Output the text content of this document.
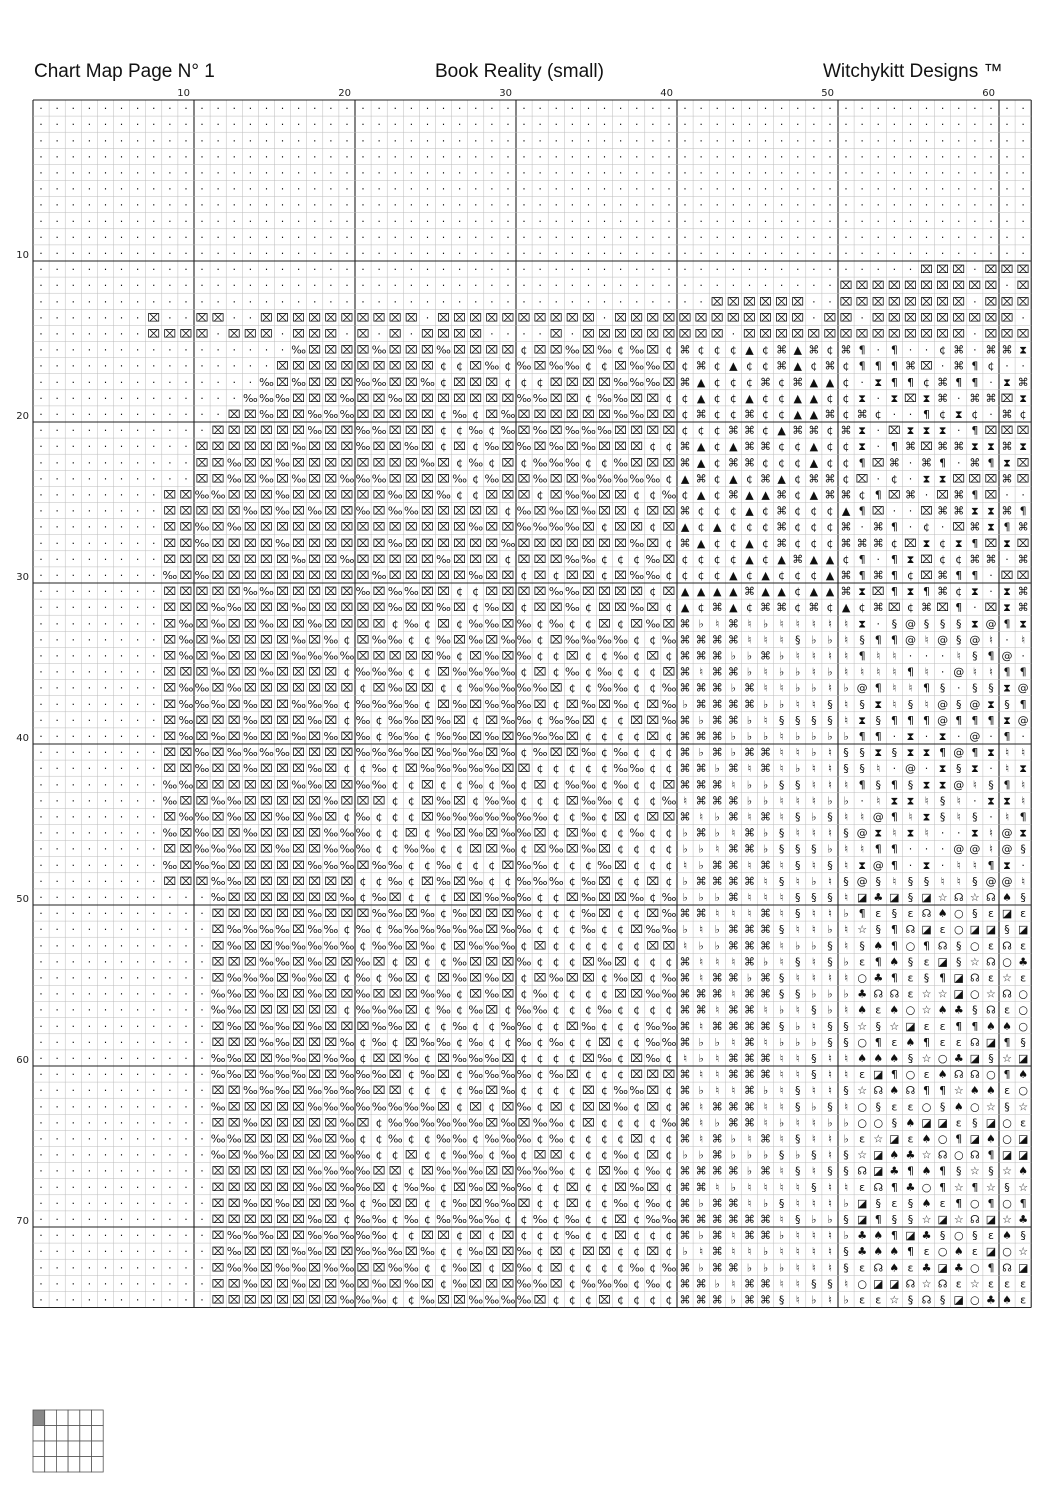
Chart Map Page N° 1	Book Reality (small)	Witchykitt Designs ™
10	20	30	40	50	60
10
20
30
40
50
60
70
· · · · · · · · · · · · · · · · · · · · · · · · · · · · · · · · · · · · · · · · · · · · · · · · · · · · · · · · · · · · · ·
· · · · · · · · · · · · · · · · · · · · · · · · · · · · · · · · · · · · · · · · · · · · · · · · · · · · · · · · · · · · · ·
· · · · · · · · · · · · · · · · · · · · · · · · · · · · · · · · · · · · · · · · · · · · · · · · · · · · · · · · · · · · · ·
· · · · · · · · · · · · · · · · · · · · · · · · · · · · · · · · · · · · · · · · · · · · · · · · · · · · · · · · · · · · · ·
· · · · · · · · · · · · · · · · · · · · · · · · · · · · · · · · · · · · · · · · · · · · · · · · · · · · · · · · · · · · · ·
· · · · · · · · · · · · · · · · · · · · · · · · · · · · · · · · · · · · · · · · · · · · · · · · · · · · · · · · · · · · · ·
· · · · · · · · · · · · · · · · · · · · · · · · · · · · · · · · · · · · · · · · · · · · · · · · · · · · · · · · · · · · · ·
· · · · · · · · · · · · · · · · · · · · · · · · · · · · · · · · · · · · · · · · · · · · · · · · · · · · · · · · · · · · · ·
· · · · · · · · · · · · · · · · · · · · · · · · · · · · · · · · · · · · · · · · · · · · · · · · · · · · · · · · · · · · · ·
· · · · · · · · · · · · · · · · · · · · · · · · · · · · · · · · · · · · · · · · · · · · · · · · · · · · · · · · · · · · · ·
· · · · · · · · · · · · · · · · · · · · · · · · · · · · · · · · · · · · · · · · · · · · · · · · · · · · · · · ⌧ ⌧ ⌧ · ⌧ ⌧ ⌧
· · · · · · · · · · · · · · · · · · · · · · · · · · · · · · · · · · · · · · · · · · · · · · · · · · ⌧ ⌧ ⌧ ⌧ ⌧ ⌧ ⌧ ⌧ ⌧ ⌧ · ⌧
· · · · · · · · · · · · · · · · · · · · · · · · · · · · · · · · · · · · · · · · · · ⌧ ⌧ ⌧ ⌧ ⌧ ⌧ · · ⌧ ⌧ ⌧ ⌧ ⌧ ⌧ ⌧ ⌧ · ⌧ ⌧ ⌧
· · · · · · · ⌧ · · ⌧ ⌧ · · ⌧ ⌧ ⌧ ⌧ ⌧ ⌧ ⌧ ⌧ ⌧ ⌧ · ⌧ ⌧ ⌧ ⌧ ⌧ ⌧ ⌧ ⌧ ⌧ ⌧ · ⌧ ⌧ ⌧ ⌧ ⌧ ⌧ ⌧ ⌧ ⌧ ⌧ ⌧ ⌧ · ⌧ ⌧ · ⌧ ⌧ ⌧ ⌧ ⌧ ⌧ ⌧ ⌧ ⌧ ·
· · · · · · · ⌧ ⌧ ⌧ ⌧ · ⌧ ⌧ ⌧ · ⌧ ⌧ ⌧ · ⌧ · ⌧ · ⌧ ⌧ ⌧ ⌧ · · · · ⌧ · ⌧ ⌧ ⌧ ⌧ ⌧ ⌧ ⌧ ⌧ ⌧ · ⌧ ⌧ ⌧ ⌧ ⌧ ⌧ ⌧ ⌧ ⌧ ⌧ ⌧ ⌧ ⌧ ⌧ · ⌧ ⌧ ⌧
· · · · · · · · · · · · · · · · ‰ ⌧ ⌧ ⌧ ⌧ ‰ ⌧ ⌧ ⌧ ‰ ⌧ ⌧ ⌧ ⌧ ¢ ⌧ ⌧ ‰ ⌧ ‰ ¢ ‰ ⌧ ¢ ⌘ ¢ ¢ ¢ ▲ ¢ ⌘ ▲ ⌘ ¢ ⌘ ¶ · ¶ · · ¢ ⌘ · ⌘ ⌘ ⧗
· · · · · · · · · · · · · · · ⌧ ⌧ ⌧ ⌧ ⌧ ⌧ ⌧ ⌧ ⌧ ⌧ ¢ ¢ ⌧ ‰ ¢ ‰ ⌧ ‰ ‰ ¢ ¢ ⌧ ‰ ‰ ⌧ ¢ ⌘ ¢ ▲ ¢ ¢ ⌘ ▲ ¢ ⌘ ¢ ¶ ¶ ¶ ⌘ ⌧ · ⌘ ¶ ¢ · ·
· · · · · · · · · · · · · · ‰ ⌧ ‰ ⌧ ⌧ ⌧ ‰ ‰ ⌧ ⌧ ‰ ¢ ⌧ ⌧ ⌧ ¢ ¢ ¢ ⌧ ⌧ ⌧ ⌧ ‰ ‰ ‰ ⌧ ⌘ ▲ ¢ ¢ ¢ ⌘ ¢ ⌘ ▲ ▲ ¢ · ⧗ ¶ ¶ ¢ ⌘ ¶ ¶ · ⧗ ⌘
· · · · · · · · · · · · · ‰ ‰ ‰ ⌧ ⌧ ⌧ ‰ ⌧ ⌧ ‰ ⌧ ⌧ ⌧ ⌧ ⌧ ⌧ ⌧ ‰ ‰ ⌧ ⌧ ¢ ‰ ‰ ⌧ ⌧ ¢ ¢ ▲ ¢ ¢ ▲ ¢ ¢ ▲ ▲ ¢ ¢ ⧗ · ⧗ ⌧ ⧗ ⌘ · ⌘ ⌘ ⌧ ⧗
· · · · · · · · · · · · ⌧ ⌧ ‰ ⌧ ⌧ ‰ ‰ ‰ ⌧ ⌧ ⌧ ⌧ ⌧ ¢ ‰ ¢ ⌧ ‰ ⌧ ⌧ ⌧ ⌧ ⌧ ⌧ ‰ ‰ ⌧ ⌧ ¢ ⌘ ¢ ¢ ⌘ ¢ ¢ ▲ ▲ ⌘ ¢ ⌘ ¢ · · ¶ ¢ ⧗ ¢ · ⌘ ¢
· · · · · · · · · · · ⌧ ⌧ ⌧ ⌧ ⌧ ⌧ ‰ ⌧ ⌧ ‰ ‰ ⌧ ⌧ ⌧ ¢ ¢ ‰ ¢ ‰ ⌧ ‰ ⌧ ‰ ‰ ‰ ⌧ ⌧ ⌧ ⌧ ¢ ¢ ¢ ⌘ ⌘ ¢ ▲ ⌘ ⌘ ¢ ⌘ ⧗ · ⌧ ⧗ ⧗ ⧗ · ¶ ⌧ ⌧ ⌧
· · · · · · · · · · ⌧ ⌧ ⌧ ⌧ ⌧ ⌧ ‰ ⌧ ⌧ ⌧ ‰ ⌧ ⌧ ‰ ⌧ ¢ ⌧ ¢ ‰ ⌧ ‰ ⌧ ‰ ⌧ ‰ ⌧ ⌧ ⌧ ¢ ¢ ⌘ ▲ ¢ ▲ ⌘ ⌘ ¢ ¢ ▲ ¢ ¢ ⧗ · ¶ ⌘ ⌧ ⌘ ⌘ ⧗ ⧗ ⌘ ⧗
· · · · · · · · · · ⌧ ⌧ ‰ ⌧ ⌧ ‰ ⌧ ⌧ ⌧ ⌧ ⌧ ⌧ ⌧ ⌧ ‰ ⌧ ¢ ‰ ¢ ⌧ ¢ ‰ ‰ ‰ ¢ ¢ ‰ ⌧ ⌧ ⌧ ⌘ ▲ ¢ ⌘ ⌘ ¢ ¢ ¢ ▲ ¢ ¢ ¶ ⌧ ⌘ · ⌘ ¶ · ⌘ ¶ ⧗ ⌧
· · · · · · · · · · ⌧ ⌧ ‰ ⌧ ‰ ⌧ ‰ ⌧ ⌧ ‰ ‰ ‰ ⌧ ⌧ ⌧ ⌧ ‰ ¢ ‰ ⌧ ⌧ ‰ ⌧ ⌧ ‰ ‰ ‰ ‰ ‰ ¢ ▲ ⌘ ¢ ▲ ¢ ⌘ ▲ ¢ ⌘ ⌘ ¢ ⌧ · ¢ · ⧗ ⧗ ⌧ ⌧ ⌧ ⌘ ⌧
· · · · · · · · ⌧ ⌧ ‰ ‰ ⌧ ⌧ ⌧ ‰ ⌧ ⌧ ⌧ ⌧ ⌧ ⌧ ‰ ⌧ ⌧ ‰ ¢ ¢ ⌧ ⌧ ⌧ ¢ ⌧ ‰ ‰ ⌧ ⌧ ¢ ¢ ‰ ¢ ▲ ¢ ⌘ ▲ ▲ ⌘ ¢ ▲ ⌘ ⌘ ¢ ¶ ⌧ ⌘ · ⌧ ⌘ ¶ ⌧ · ·
· · · · · · · · ⌧ ⌧ ⌧ ⌧ ⌧ ‰ ⌧ ‰ ⌧ ‰ ⌧ ⌧ ‰ ⌧ ‰ ‰ ⌧ ⌧ ⌧ ⌧ ⌧ ¢ ‰ ⌧ ‰ ⌧ ‰ ⌧ ⌧ ¢ ⌧ ⌧ ⌘ ¢ ¢ ¢ ▲ ¢ ⌘ ¢ ¢ ¢ ▲ ¶ ⌧ · · ⌧ ⌘ ⌘ ⧗ ⧗ ⌘ ¶
· · · · · · · · ⌧ ⌧ ‰ ⌧ ‰ ⌧ ⌧ ⌧ ⌧ ⌧ ⌧ ⌧ ⌧ ⌧ ⌧ ⌧ ⌧ ⌧ ⌧ ‰ ⌧ ⌧ ‰ ‰ ‰ ‰ ⌧ ¢ ⌧ ⌧ ¢ ⌧ ▲ ¢ ▲ ¢ ¢ ¢ ⌘ ¢ ¢ ¢ ⌘ · ⌘ ¶ · ¢ · ⌧ ⌘ ⧗ ¶ ⌘
· · · · · · · · ⌧ ⌧ ‰ ⌧ ⌧ ⌧ ⌧ ‰ ⌧ ⌧ ⌧ ⌧ ⌧ ⌧ ‰ ⌧ ⌧ ⌧ ⌧ ⌧ ⌧ ‰ ⌧ ⌧ ⌧ ⌧ ⌧ ⌧ ⌧ ‰ ⌧ ¢ ⌘ ▲ ¢ ¢ ▲ ¢ ⌘ ¢ ¢ ¢ ⌘ ⌘ ⌘ ¢ ⌧ ⧗ ¢ ⧗ ¶ ⌧ ⧗ ⌧
· · · · · · · · ⌧ ⌧ ⌧ ⌧ ⌧ ⌧ ⌧ ⌧ ‰ ⌧ ⌧ ‰ ⌧ ⌧ ⌧ ⌧ ⌧ ‰ ⌧ ⌧ ⌧ ¢ ⌧ ⌧ ⌧ ‰ ‰ ¢ ¢ ¢ ‰ ⌧ ¢ ¢ ¢ ¢ ▲ ¢ ▲ ⌘ ▲ ▲ ¢ ¶ · ¶ ⧗ ⌧ ¢ ¢ ⌘ ⌘ · ⌘
· · · · · · · · ‰ ⌧ ‰ ⌧ ⌧ ⌧ ⌧ ⌧ ⌧ ⌧ ⌧ ⌧ ⌧ ‰ ⌧ ⌧ ⌧ ⌧ ⌧ ‰ ⌧ ⌧ ¢ ⌧ ¢ ⌧ ⌧ ¢ ⌧ ‰ ‰ ¢ ¢ ¢ ¢ ▲ ¢ ▲ ¢ ¢ ¢ ▲ ⌘ ¶ ⌘ ¶ ¢ ⌧ ⌘ ¶ ¶ · ⌧ ⌧
· · · · · · · · ⌧ ⌧ ⌧ ⌧ ⌧ ‰ ‰ ⌧ ⌧ ⌧ ⌧ ⌧ ‰ ⌧ ‰ ‰ ⌧ ⌧ ¢ ¢ ⌧ ⌧ ⌧ ⌧ ‰ ‰ ⌧ ⌧ ⌧ ⌧ ¢ ⌧ ▲ ▲ ▲ ▲ ⌘ ▲ ▲ ¢ ▲ ▲ ⌘ ⧗ ⌧ ¶ ⧗ ¶ ⌘ ¢ ⧗ · ⧗ ⌘
· · · · · · · · ⌧ ⌧ ⌧ ‰ ‰ ⌧ ⌧ ⌧ ‰ ⌧ ⌧ ⌧ ⌧ ⌧ ‰ ⌧ ⌧ ‰ ⌧ ¢ ‰ ⌧ ¢ ⌧ ⌧ ‰ ¢ ⌧ ⌧ ‰ ⌧ ¢ ▲ ¢ ⌘ ▲ ¢ ⌘ ⌘ ¢ ⌘ ¢ ▲ ¢ ⌘ ⌧ ¢ ⌘ ⌧ ¶ · ⌧ ⧗ ⌘
· · · · · · · · ⌧ ‰ ⌧ ‰ ⌧ ⌧ ‰ ⌧ ⌧ ‰ ⌧ ⌧ ⌧ ⌧ ¢ ‰ ¢ ⌧ ¢ ‰ ‰ ⌧ ‰ ¢ ‰ ¢ ¢ ⌧ ¢ ⌧ ‰ ⌧ ⌘ ♭ ♮ ⌘ ♮ ♭ ♮ ♮ ♮ ♮ ♮ ⧗ · § @ § § § ⧗ @ ¶ ⧗
· · · · · · · · ⌧ ‰ ⌧ ‰ ⌧ ⌧ ⌧ ⌧ ‰ ⌧ ‰ ¢ ⌧ ‰ ‰ ¢ ¢ ‰ ⌧ ‰ ⌧ ‰ ‰ ¢ ⌧ ‰ ‰ ‰ ‰ ¢ ¢ ‰ ⌘ ⌘ ⌘ ⌘ ♮ ♮ ♮ § ♭ ♭ ♮ § ¶ ¶ @ ♮ @ § @ ♮ · ♮
· · · · · · · · ⌧ ‰ ⌧ ‰ ⌧ ⌧ ⌧ ⌧ ‰ ‰ ‰ ‰ ⌧ ⌧ ⌧ ⌧ ⌧ ‰ ¢ ⌧ ‰ ⌧ ‰ ¢ ¢ ⌧ ¢ ¢ ‰ ¢ ⌧ ¢ ⌘ ⌘ ⌘ ♭ ♭ ⌘ ♭ ♮ ♮ ♮ ♮ ¶ ♮ ♮ · · · ♮ § ¶ @ ·
· · · · · · · · ⌧ ⌧ ⌧ ‰ ⌧ ⌧ ‰ ⌧ ⌧ ⌧ ⌧ ¢ ‰ ‰ ‰ ¢ ¢ ⌧ ‰ ‰ ‰ ‰ ¢ ⌧ ¢ ‰ ¢ ‰ ¢ ¢ ¢ ⌧ ⌘ ♮ ⌘ ⌘ ♭ ♮ ♭ ♭ ♮ ♭ ♮ ♮ ♮ ♮ ¶ ♮ · @ ♮ ♮ ¶ ¶
· · · · · · · · ⌧ ‰ ‰ ⌧ ‰ ⌧ ⌧ ⌧ ⌧ ⌧ ⌧ ⌧ ¢ ⌧ ‰ ⌧ ⌧ ¢ ¢ ‰ ‰ ‰ ‰ ‰ ⌧ ¢ ¢ ‰ ‰ ¢ ¢ ‰ ⌘ ⌘ ⌘ ♭ ⌘ ♮ ♮ ♭ ♭ ♮ ♭ @ ¶ ♮ ♮ ¶ § · § § ⧗ @
· · · · · · · · ⌧ ‰ ‰ ‰ ⌧ ‰ ⌧ ⌧ ‰ ‰ ‰ ¢ ‰ ‰ ‰ ‰ ¢ ⌧ ‰ ⌧ ‰ ‰ ‰ ⌧ ¢ ⌧ ‰ ⌧ ‰ ¢ ⌧ ‰ ♭ ⌘ ⌘ ⌘ ⌘ ♭ ♭ ♮ ♮ § ♮ § ⧗ ♮ § ♮ @ § @ ⧗ § ¶
· · · · · · · · ⌧ ‰ ⌧ ⌧ ⌧ ‰ ⌧ ⌧ ⌧ ‰ ⌧ ¢ ‰ ¢ ‰ ‰ ⌧ ‰ ⌧ ¢ ⌧ ‰ ‰ ¢ ‰ ‰ ⌧ ¢ ¢ ⌧ ⌧ ‰ ⌘ ♭ ⌘ ⌘ ♭ ♮ § § § § ♮ ⧗ § ¶ ¶ ¶ @ ¶ ¶ ¶ ⧗ @
· · · · · · · · ⌧ ‰ ⌧ ‰ ⌧ ‰ ⌧ ⌧ ‰ ⌧ ‰ ⌧ ‰ ¢ ‰ ‰ ¢ ‰ ‰ ⌧ ‰ ⌧ ‰ ‰ ‰ ⌧ ¢ ¢ ¢ ¢ ⌧ ¢ ⌘ ⌘ ⌘ ♭ ♭ ♭ ♮ ♭ ♭ ♭ ♭ ¶ ¶ · ⧗ · ⧗ · @ · ¶ ·
· · · · · · · · ⌧ ⌧ ‰ ⌧ ‰ ‰ ‰ ‰ ⌧ ⌧ ⌧ ⌧ ‰ ‰ ‰ ‰ ⌧ ‰ ‰ ‰ ⌧ ‰ ¢ ‰ ⌧ ⌧ ‰ ¢ ‰ ¢ ¢ ¢ ⌘ ♭ ⌘ ♭ ⌘ ⌘ ♮ ♮ ♭ ♮ § § ⧗ § ⧗ ⧗ ¶ @ ¶ ⧗ ♮ ♮
· · · · · · · · ⌧ ⌧ ‰ ⌧ ⌧ ‰ ⌧ ⌧ ⌧ ‰ ⌧ ¢ ¢ ‰ ¢ ⌧ ‰ ‰ ‰ ‰ ‰ ⌧ ⌧ ¢ ¢ ¢ ¢ ¢ ‰ ‰ ¢ ¢ ⌘ ⌘ ♭ ⌘ ♮ ⌘ ♮ ♭ ♮ ♮ § § ♮ · @ · ⧗ § ⧗ · ♮ ⧗
· · · · · · · · ‰ ‰ ⌧ ⌧ ⌧ ⌧ ⌧ ⌧ ‰ ‰ ⌧ ⌧ ‰ ‰ ¢ ¢ ⌧ ¢ ¢ ‰ ¢ ‰ ¢ ⌧ ¢ ‰ ‰ ¢ ‰ ¢ ¢ ⌧ ⌘ ⌘ ⌘ ♮ ♭ ♭ § § ♮ ♮ ♮ ¶ § ¶ § ⧗ ⧗ @ ♮ § ¶ ♮
· · · · · · · · ‰ ⌧ ⌧ ‰ ‰ ⌧ ⌧ ⌧ ⌧ ⌧ ‰ ⌧ ⌧ ⌧ ¢ ¢ ⌧ ‰ ⌧ ¢ ‰ ‰ ¢ ¢ ¢ ⌧ ‰ ‰ ¢ ¢ ¢ ‰ ♮ ⌘ ⌘ ⌘ ♭ ♭ ♮ ♮ ♮ ♭ ♭ · ♮ ⧗ ⧗ ♮ § ♮ · ⧗ ⧗ ♮
· · · · · · · · ⌧ ‰ ‰ ⌧ ‰ ⌧ ⌧ ‰ ⌧ ‰ ⌧ ¢ ‰ ¢ ¢ ¢ ⌧ ‰ ‰ ‰ ‰ ‰ ‰ ‰ ¢ ¢ ‰ ¢ ⌧ ¢ ⌧ ⌧ ⌘ ♮ ♭ ⌘ ♮ ⌘ ♮ § ♭ § ♮ ♮ @ ¶ ♮ ⧗ § ♮ § · ♮ ¶
· · · · · · · · ‰ ⌧ ‰ ⌧ ⌧ ‰ ⌧ ⌧ ⌧ ⌧ ‰ ‰ ‰ ¢ ¢ ⌧ ¢ ‰ ⌧ ‰ ⌧ ‰ ‰ ⌧ ¢ ⌧ ‰ ¢ ¢ ‰ ¢ ¢ ♭ ⌘ ♭ ♮ ⌘ ♭ § ♮ ♮ ♮ § @ ⧗ ♮ ⧗ ♮ · · ⧗ ♮ @ ⧗
· · · · · · · · ⌧ ⌧ ‰ ‰ ‰ ⌧ ⌧ ‰ ⌧ ⌧ ‰ ‰ ‰ ¢ ¢ ‰ ‰ ¢ ¢ ⌧ ⌧ ‰ ¢ ⌧ ‰ ⌧ ‰ ⌧ ¢ ¢ ¢ ¢ ♭ ♭ ♮ ⌘ ⌘ ♭ § § § ♭ ♮ ♮ ¶ ¶ · · · @ @ ♮ @ §
· · · · · · · · ‰ ⌧ ‰ ‰ ⌧ ⌧ ⌧ ⌧ ⌧ ‰ ‰ ‰ ⌧ ‰ ‰ ¢ ¢ ‰ ¢ ¢ ¢ ⌧ ‰ ‰ ¢ ¢ ¢ ‰ ⌧ ¢ ¢ ¢ ♮ ♭ ⌘ ⌘ ♮ ⌘ ♮ § ♮ § ♮ ⧗ @ ¶ · ⧗ · ♮ ♮ ¶ ⧗ ·
· · · · · · · · ⌧ ⌧ ⌧ ‰ ‰ ⌧ ⌧ ⌧ ⌧ ⌧ ⌧ ⌧ ¢ ¢ ‰ ¢ ⌧ ‰ ⌧ ‰ ¢ ¢ ‰ ‰ ‰ ¢ ‰ ⌧ ¢ ¢ ⌧ ¢ ♭ ⌘ ⌘ ⌘ ⌘ ♮ § ♮ ♭ ♮ § @ § ♮ § § ♮ ♮ § @ @ ♮
· · · · · · · · · · · ‰ ⌧ ⌧ ⌧ ⌧ ⌧ ⌧ ⌧ ‰ ¢ ‰ ⌧ ¢ ¢ ¢ ⌧ ⌧ ‰ ‰ ‰ ¢ ¢ ⌧ ‰ ⌧ ⌧ ‰ ¢ ‰ ♭ ♭ ♭ ⌘ ♮ ♮ ♮ § § § ♮ ◪ ♣ ◪ § ◪ ☆ ☊ ☆ ☊ ♠ §
· · · · · · · · · · · ⌧ ⌧ ⌧ ⌧ ⌧ ⌧ ‰ ⌧ ⌧ ⌧ ‰ ‰ ⌧ ‰ ¢ ‰ ⌧ ⌧ ⌧ ‰ ¢ ¢ ¢ ‰ ⌧ ¢ ¢ ⌧ ‰ ⌘ ⌘ ♮ ♮ ♮ ⌘ ♮ § ♮ ♮ ♭ ¶ ɛ § ɛ ☊ ♠ ○ § ɛ ◪ ɛ
· · · · · · · · · · · ⌧ ‰ ‰ ‰ ‰ ⌧ ‰ ‰ ¢ ‰ ¢ ‰ ‰ ‰ ‰ ‰ ‰ ⌧ ‰ ‰ ¢ ¢ ¢ ‰ ¢ ¢ ⌧ ‰ ‰ ♭ ♮ ♭ ⌘ ⌘ ⌘ § ♮ ♮ ♭ ♮ ☆ § ¶ ☊ ◪ ɛ ○ ◪ ◪ § ◪
· · · · · · · · · · · ⌧ ‰ ⌧ ⌧ ‰ ‰ ‰ ‰ ‰ ¢ ‰ ‰ ⌧ ‰ ¢ ⌧ ‰ ‰ ‰ ¢ ⌧ ¢ ¢ ¢ ¢ ¢ ¢ ⌧ ⌧ ♮ ♭ ♭ ⌘ ⌘ ⌘ ♮ ♭ ♭ § ♮ § ♠ ¶ ○ ¶ ☊ § ○ ɛ ☊ ɛ
· · · · · · · · · · · ⌧ ⌧ ⌧ ‰ ‰ ⌧ ‰ ⌧ ⌧ ‰ ⌧ ¢ ⌧ ¢ ¢ ‰ ⌧ ⌧ ⌧ ‰ ¢ ¢ ¢ ⌧ ‰ ⌧ ¢ ¢ ¢ ⌘ ♮ ♮ ♮ ⌘ ♭ ♮ § ♮ § ♭ ɛ ¶ ♠ § ɛ ◪ § ☆ ☊ ○ ♣
· · · · · · · · · · · ⌧ ‰ ‰ ‰ ⌧ ‰ ‰ ⌧ ¢ ‰ ¢ ‰ ⌧ ¢ ⌧ ‰ ⌧ ‰ ⌧ ¢ ⌧ ‰ ⌧ ⌧ ¢ ‰ ⌧ ¢ ‰ ⌘ ♮ ⌘ ⌘ ♭ ⌘ § ♮ ♮ ♮ ♮ ○ ♣ ¶ ɛ § ¶ ◪ ☊ ɛ ☆ ɛ
· · · · · · · · · · · ‰ ‰ ⌧ ‰ ⌧ ⌧ ‰ ⌧ ⌧ ‰ ⌧ ⌧ ⌧ ‰ ‰ ¢ ⌧ ‰ ⌧ ¢ ‰ ¢ ¢ ¢ ¢ ⌧ ⌧ ‰ ‰ ⌘ ⌘ ⌘ ♮ ⌘ ⌘ § § ♭ ♭ ♭ ♣ ☊ ☊ ɛ ☆ ☆ ◪ ○ ☆ ☊ ○
· · · · · · · · · · · ‰ ‰ ⌧ ⌧ ⌧ ⌧ ⌧ ⌧ ¢ ‰ ‰ ‰ ⌧ ¢ ‰ ¢ ‰ ⌧ ¢ ‰ ‰ ¢ ¢ ¢ ‰ ¢ ¢ ¢ ¢ ⌘ ⌘ ♮ ⌘ ⌘ ♮ ♭ ♮ § ♭ ♮ ♠ ɛ ♠ ○ ☆ ♠ ♣ § ☊ ɛ ○
· · · · · · · · · · · ⌧ ‰ ⌧ ‰ ‰ ⌧ ‰ ⌧ ⌧ ⌧ ‰ ‰ ⌧ ¢ ¢ ‰ ¢ ¢ ‰ ‰ ¢ ¢ ⌧ ‰ ¢ ¢ ¢ ‰ ‰ ⌘ ♮ ⌘ ⌘ ⌘ ⌘ § ♭ ♮ § § ☆ § ☆ ◪ ɛ ɛ ¶ ¶ ♠ ♠ ○
· · · · · · · · · · · ⌧ ⌧ ⌧ ‰ ‰ ⌧ ⌧ ⌧ ‰ ¢ ‰ ¢ ⌧ ‰ ‰ ¢ ‰ ¢ ¢ ‰ ¢ ‰ ¢ ¢ ⌧ ¢ ¢ ‰ ‰ ⌘ ♭ ♭ ♮ ⌘ ♮ ♭ ♭ ♭ § § ○ ¶ ɛ ♠ ¶ ɛ ɛ ☊ ◪ ¶ §
· · · · · · · · · · · ‰ ‰ ⌧ ⌧ ‰ ‰ ⌧ ‰ ‰ ¢ ⌧ ⌧ ‰ ¢ ⌧ ‰ ‰ ‰ ⌧ ¢ ¢ ¢ ¢ ⌧ ‰ ¢ ⌧ ‰ ¢ ♮ ♭ ♮ ⌘ ⌘ ⌘ ♮ ♮ § ♮ ♮ ♠ ♠ ♠ § ☆ ○ ♣ ◪ § ☆ ◪
· · · · · · · · · · · ‰ ‰ ⌧ ‰ ‰ ‰ ⌧ ⌧ ‰ ‰ ‰ ⌧ ¢ ‰ ⌧ ¢ ‰ ‰ ‰ ‰ ¢ ‰ ⌧ ¢ ¢ ¢ ⌧ ⌧ ⌧ ⌘ ♮ ♮ ⌘ ⌘ ⌘ ♮ ♮ § ♮ ♮ ɛ ◪ ¶ ○ ɛ ♠ ☊ ☊ ○ ¶ ♠
· · · · · · · · · · · ⌧ ⌧ ‰ ‰ ‰ ⌧ ‰ ‰ ‰ ‰ ⌧ ⌧ ¢ ¢ ¢ ¢ ‰ ⌧ ‰ ¢ ¢ ¢ ¢ ⌧ ¢ ‰ ‰ ⌧ ¢ ⌘ ♭ ♮ ♮ ⌘ ♭ ♮ § ♮ ♮ § ☆ ☊ ♠ ☊ ¶ ¶ ☆ ♠ ♠ ɛ ○
· · · · · · · · · · · ‰ ⌧ ⌧ ⌧ ⌧ ⌧ ‰ ‰ ‰ ‰ ‰ ‰ ‰ ‰ ⌧ ¢ ⌧ ¢ ⌧ ‰ ¢ ⌧ ¢ ⌧ ⌧ ‰ ¢ ⌧ ¢ ⌘ ♮ ⌘ ⌘ ⌘ ♮ ♮ § ♭ § ♮ ○ § ɛ ɛ ○ § ♠ ○ ☆ § ☆
· · · · · · · · · · · ⌧ ⌧ ‰ ⌧ ⌧ ⌧ ⌧ ⌧ ‰ ⌧ ¢ ‰ ‰ ‰ ‰ ‰ ‰ ⌧ ‰ ⌧ ‰ ‰ ¢ ⌧ ¢ ¢ ¢ ¢ ‰ ⌘ ♮ ♭ ⌘ ⌘ ♮ ♭ ♮ ♮ ♭ ♭ ○ ○ § ♠ ◪ ◪ ɛ § ◪ ○ ɛ
· · · · · · · · · · · ‰ ‰ ⌧ ⌧ ⌧ ⌧ ‰ ⌧ ‰ ¢ ¢ ‰ ¢ ¢ ‰ ‰ ¢ ‰ ‰ ‰ ¢ ‰ ¢ ¢ ¢ ¢ ⌧ ¢ ¢ ⌘ ♮ ⌘ ♭ ♮ ⌘ ♮ § ♮ ♮ ♭ ɛ ☆ ◪ ɛ ♠ ○ ¶ ◪ ♠ ○ ◪
· · · · · · · · · · · ‰ ⌧ ‰ ‰ ⌧ ⌧ ⌧ ⌧ ‰ ‰ ¢ ¢ ⌧ ¢ ¢ ‰ ‰ ¢ ‰ ¢ ⌧ ⌧ ¢ ¢ ¢ ‰ ¢ ⌧ ¢ ♭ ♭ ⌘ ♭ ♭ ♭ § ♭ § ♮ § ☆ ◪ ♠ ♣ ☆ ☊ ○ ☊ ¶ ◪ ◪
· · · · · · · · · · · ⌧ ⌧ ⌧ ⌧ ⌧ ⌧ ‰ ‰ ‰ ‰ ⌧ ⌧ ¢ ⌧ ‰ ‰ ‰ ⌧ ⌧ ‰ ‰ ‰ ¢ ¢ ⌧ ‰ ¢ ‰ ¢ ⌘ ⌘ ⌘ ⌘ ♭ ⌘ ♮ § ♮ § § ☊ ◪ ♣ ¶ ♠ ¶ § ☆ § ☆ ♠
· · · · · · · · · · · ⌧ ⌧ ⌧ ⌧ ⌧ ⌧ ‰ ⌧ ‰ ‰ ⌧ ¢ ‰ ‰ ¢ ⌧ ‰ ⌧ ‰ ‰ ¢ ¢ ⌧ ¢ ¢ ⌧ ‰ ⌧ ¢ ⌘ ⌘ ♮ ♭ ♮ ♮ ♮ ♮ § ♮ ♮ ɛ ☊ ¶ ♣ ○ ¶ ☆ ¶ ☆ § ☆
· · · · · · · · · · · ⌧ ⌧ ‰ ⌧ ‰ ⌧ ⌧ ⌧ ‰ ¢ ‰ ⌧ ⌧ ¢ ¢ ‰ ⌧ ‰ ‰ ⌧ ¢ ¢ ⌧ ¢ ¢ ‰ ¢ ‰ ¢ ⌘ ♭ ⌘ ⌘ ♮ ♭ § ♮ ♮ ♮ ♭ ◪ § ɛ § ♠ ɛ ¶ ○ ¶ ○ ¶
· · · · · · · · · · · ⌧ ⌧ ⌧ ⌧ ⌧ ⌧ ‰ ⌧ ¢ ‰ ‰ ¢ ‰ ¢ ‰ ‰ ‰ ‰ ¢ ¢ ‰ ¢ ‰ ¢ ¢ ⌧ ¢ ‰ ‰ ⌘ ⌘ ⌘ ⌘ ⌘ ⌘ ♮ § ♭ ♭ § ◪ ¶ § § ☆ ◪ ☆ ☊ ◪ ☆ ♣
· · · · · · · · · · · ⌧ ‰ ‰ ‰ ⌧ ⌧ ‰ ‰ ‰ ‰ ‰ ¢ ¢ ⌧ ⌧ ¢ ⌧ ¢ ⌧ ¢ ¢ ¢ ‰ ¢ ¢ ⌧ ¢ ¢ ¢ ⌘ ♭ ⌘ ♮ ⌘ ⌘ ♭ ♮ ♮ ♮ ♭ ♣ ♠ ¶ ◪ ♣ § ○ § ɛ ♠ §
· · · · · · · · · · · ⌧ ‰ ⌧ ⌧ ⌧ ‰ ‰ ⌧ ⌧ ‰ ‰ ‰ ⌧ ‰ ¢ ¢ ‰ ⌧ ⌧ ‰ ¢ ⌧ ¢ ⌧ ⌧ ¢ ¢ ⌧ ¢ ♭ ♮ ⌘ ♮ ♮ ♭ ♮ ♮ ♮ ♮ § ♣ ♠ ♠ ¶ ɛ ○ ♠ ɛ ◪ ○ ☆
· · · · · · · · · · · ⌧ ‰ ‰ ⌧ ‰ ‰ ⌧ ‰ ‰ ⌧ ⌧ ‰ ‰ ¢ ¢ ‰ ⌧ ¢ ⌧ ‰ ¢ ⌧ ¢ ¢ ¢ ¢ ‰ ¢ ‰ ⌘ ♭ ⌘ ⌘ ♭ ♭ ♭ ♮ ♮ ♮ § ɛ ☊ ♠ ɛ ♣ ◪ ♣ ○ ¶ ☊ ◪
· · · · · · · · · · · ⌧ ⌧ ‰ ⌧ ⌧ ‰ ⌧ ⌧ ‰ ⌧ ‰ ⌧ ‰ ⌧ ¢ ‰ ⌧ ⌧ ⌧ ‰ ‰ ⌧ ¢ ‰ ‰ ‰ ¢ ‰ ¢ ⌘ ⌘ ♭ ♮ ⌘ ⌘ ♮ ♮ § § ♮ ○ ◪ ◪ ☊ ☆ ☊ ɛ ☆ ɛ ɛ ɛ
· · · · · · · · · · · ⌧ ⌧ ⌧ ⌧ ⌧ ⌧ ⌧ ⌧ ‰ ‰ ‰ ¢ ¢ ‰ ⌧ ⌧ ‰ ‰ ‰ ‰ ⌧ ¢ ¢ ¢ ⌧ ¢ ¢ ¢ ¢ ⌘ ⌘ ⌘ ♭ ⌘ ⌘ § ♮ ♭ ♮ ♭ ɛ ɛ ☆ § ☊ § ◪ ○ ♣ ♠ ɛ
